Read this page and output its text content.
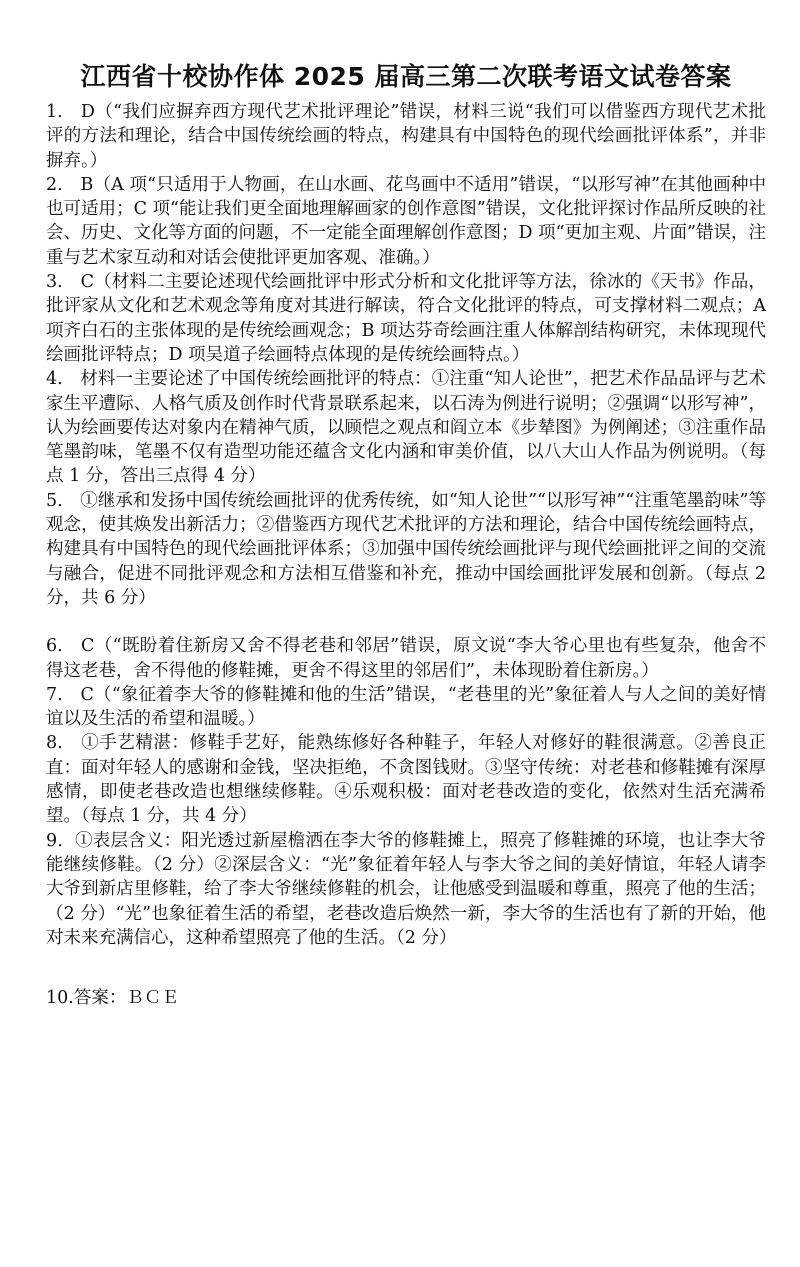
江西省十校协作体 2025 届高三第二次联考语文试卷答案

1.　D（“我们应摒弃西方现代艺术批评理论”错误，材料三说“我们可以借鉴西方现代艺术批评的方法和理论，结合中国传统绘画的特点，构建具有中国特色的现代绘画批评体系”，并非摒弃。）

2.　B（A 项“只适用于人物画，在山水画、花鸟画中不适用”错误，“以形写神”在其他画种中也可适用；C 项“能让我们更全面地理解画家的创作意图”错误，文化批评探讨作品所反映的社会、历史、文化等方面的问题，不一定能全面理解创作意图；D 项“更加主观、片面”错误，注重与艺术家互动和对话会使批评更加客观、准确。）

3.　C（材料二主要论述现代绘画批评中形式分析和文化批评等方法，徐冰的《天书》作品，批评家从文化和艺术观念等角度对其进行解读，符合文化批评的特点，可支撑材料二观点；A 项齐白石的主张体现的是传统绘画观念；B 项达芬奇绘画注重人体解剖结构研究，未体现现代绘画批评特点；D 项吴道子绘画特点体现的是传统绘画特点。）

4.　材料一主要论述了中国传统绘画批评的特点：①注重“知人论世”，把艺术作品品评与艺术家生平遭际、人格气质及创作时代背景联系起来，以石涛为例进行说明；②强调“以形写神”，认为绘画要传达对象内在精神气质，以顾恺之观点和阎立本《步辇图》为例阐述；③注重作品笔墨韵味，笔墨不仅有造型功能还蕴含文化内涵和审美价值，以八大山人作品为例说明。（每点 1 分，答出三点得 4 分）

5.　①继承和发扬中国传统绘画批评的优秀传统，如“知人论世”“以形写神”“注重笔墨韵味”等观念，使其焕发出新活力；②借鉴西方现代艺术批评的方法和理论，结合中国传统绘画特点，构建具有中国特色的现代绘画批评体系；③加强中国传统绘画批评与现代绘画批评之间的交流与融合，促进不同批评观念和方法相互借鉴和补充，推动中国绘画批评发展和创新。（每点 2 分，共 6 分）

6.　C（“既盼着住新房又舍不得老巷和邻居”错误，原文说“李大爷心里也有些复杂，他舍不得这老巷，舍不得他的修鞋摊，更舍不得这里的邻居们”，未体现盼着住新房。）

7.　C（“象征着李大爷的修鞋摊和他的生活”错误，“老巷里的光”象征着人与人之间的美好情谊以及生活的希望和温暖。）

8.　①手艺精湛：修鞋手艺好，能熟练修好各种鞋子，年轻人对修好的鞋很满意。②善良正直：面对年轻人的感谢和金钱，坚决拒绝，不贪图钱财。③坚守传统：对老巷和修鞋摊有深厚感情，即使老巷改造也想继续修鞋。④乐观积极：面对老巷改造的变化，依然对生活充满希望。（每点 1 分，共 4 分）

9．①表层含义：阳光透过新屋檐洒在李大爷的修鞋摊上，照亮了修鞋摊的环境，也让李大爷能继续修鞋。（2 分）②深层含义：“光”象征着年轻人与李大爷之间的美好情谊，年轻人请李大爷到新店里修鞋，给了李大爷继续修鞋的机会，让他感受到温暖和尊重，照亮了他的生活；（2 分）“光”也象征着生活的希望，老巷改造后焕然一新，李大爷的生活也有了新的开始，他对未来充满信心，这种希望照亮了他的生活。（2 分）

10.答案：ＢＣＥ
